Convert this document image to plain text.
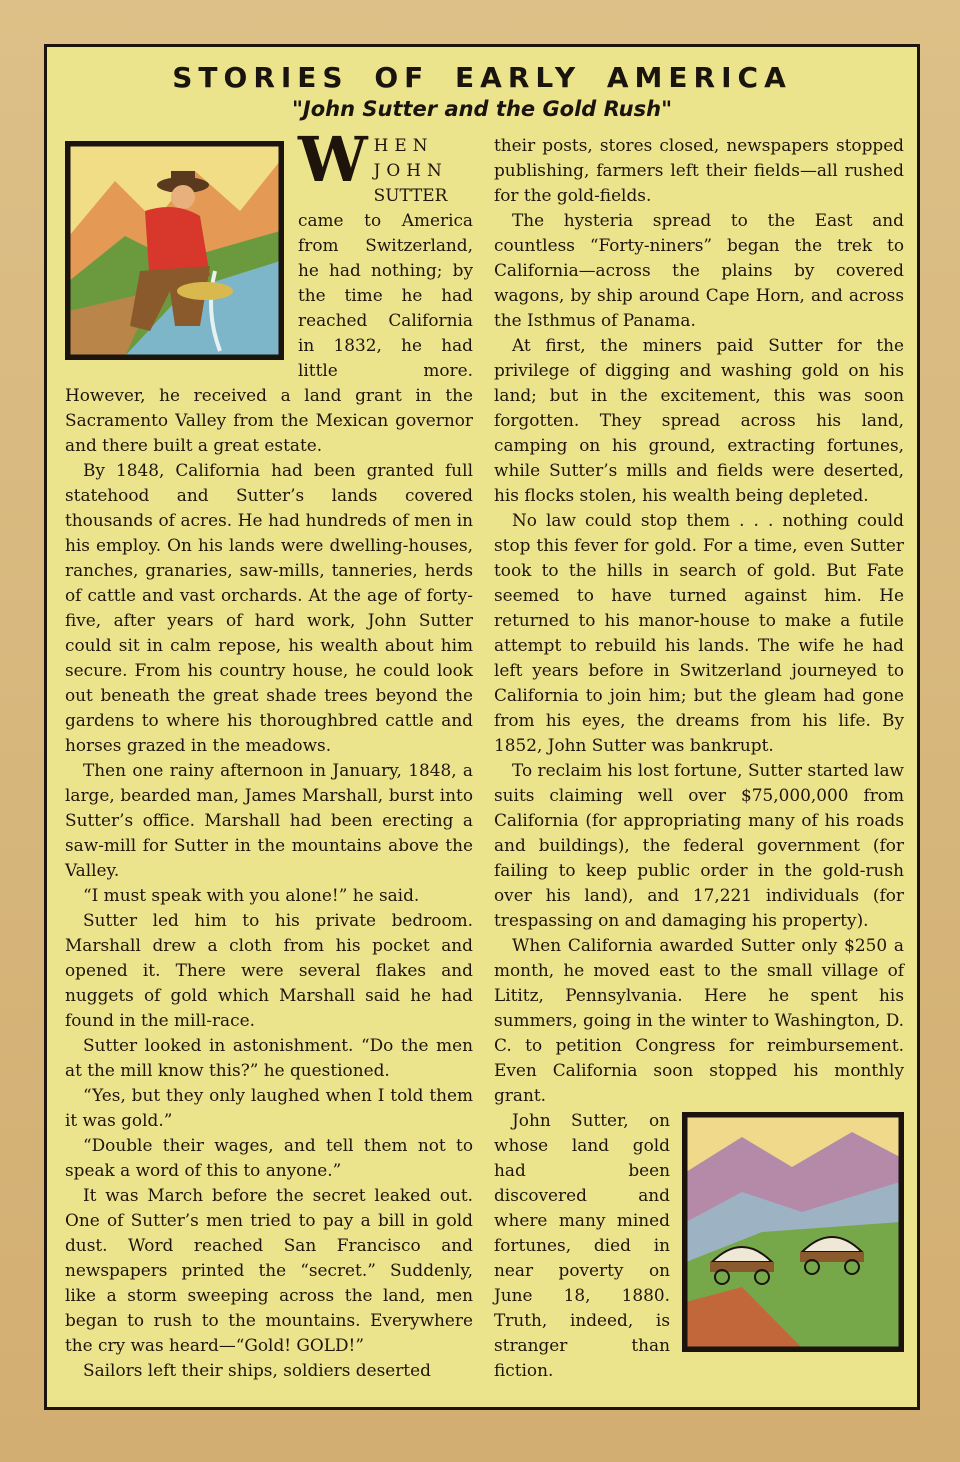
STORIES OF EARLY AMERICA
"John Sutter and the Gold Rush"
W HEN JOHN
SUTTER came to America from Switzerland, he had nothing; by the time he had reached California in 1832, he had little more. However, he received a land grant in the Sacramento Valley from the Mexican governor and there built a great estate.

By 1848, California had been granted full statehood and Sutter’s lands covered thousands of acres. He had hundreds of men in his employ. On his lands were dwelling-houses, ranches, granaries, saw-mills, tanneries, herds of cattle and vast orchards. At the age of forty-five, after years of hard work, John Sutter could sit in calm repose, his wealth about him secure. From his country house, he could look out beneath the great shade trees beyond the gardens to where his thoroughbred cattle and horses grazed in the meadows.

Then one rainy afternoon in January, 1848, a large, bearded man, James Marshall, burst into Sutter’s office. Marshall had been erecting a saw-mill for Sutter in the mountains above the Valley.

“I must speak with you alone!” he said.

Sutter led him to his private bedroom. Marshall drew a cloth from his pocket and opened it. There were several flakes and nuggets of gold which Marshall said he had found in the mill-race.

Sutter looked in astonishment. “Do the men at the mill know this?” he questioned.

“Yes, but they only laughed when I told them it was gold.”

“Double their wages, and tell them not to speak a word of this to anyone.”

It was March before the secret leaked out. One of Sutter’s men tried to pay a bill in gold dust. Word reached San Francisco and newspapers printed the “secret.” Suddenly, like a storm sweeping across the land, men began to rush to the mountains. Everywhere the cry was heard—“Gold! GOLD!”

Sailors left their ships, soldiers deserted

their posts, stores closed, newspapers stopped publishing, farmers left their fields—all rushed for the gold-fields.

The hysteria spread to the East and countless “Forty-niners” began the trek to California—across the plains by covered wagons, by ship around Cape Horn, and across the Isthmus of Panama.

At first, the miners paid Sutter for the privilege of digging and washing gold on his land; but in the excitement, this was soon forgotten. They spread across his land, camping on his ground, extracting fortunes, while Sutter’s mills and fields were deserted, his flocks stolen, his wealth being depleted.

No law could stop them . . . nothing could stop this fever for gold. For a time, even Sutter took to the hills in search of gold. But Fate seemed to have turned against him. He returned to his manor-house to make a futile attempt to rebuild his lands. The wife he had left years before in Switzerland journeyed to California to join him; but the gleam had gone from his eyes, the dreams from his life. By 1852, John Sutter was bankrupt.

To reclaim his lost fortune, Sutter started law suits claiming well over $75,000,000 from California (for appropriating many of his roads and buildings), the federal government (for failing to keep public order in the gold-rush over his land), and 17,221 individuals (for trespassing on and damaging his property).

When California awarded Sutter only $250 a month, he moved east to the small village of Lititz, Pennsylvania. Here he spent his summers, going in the winter to Washington, D. C. to petition Congress for reimbursement. Even California soon stopped his monthly grant.

John Sutter, on whose land gold had been discovered and where many mined fortunes, died in near poverty on June 18, 1880. Truth, indeed, is stranger than fiction.
